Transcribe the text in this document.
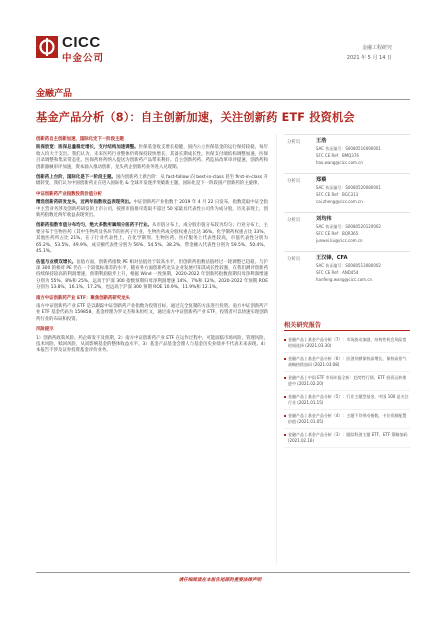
CICC
中金公司
金融工程研究
2021 年 5 月 14 日
金融产品
基金产品分析（8）：自主创新加速，关注创新药 ETF 投资机会

创新药自主创新加速，国际化定下一阶段主题

医保放宽：医保总量稳定增长，支付结构加速调整。医保基金收支增长稳健，国内公立医保基金的运行保持较稳，每年收入均大于支出。我们认为，未来医药行业整体仍将保持较快增长，其备长期成长性。医保支付端结构调整加速，医保目录调整和集采常态化，医保药将药纳入提送为创新药产品带来利好。自主创新药药、药监局改革审评提速，创新药和创新器械审评加速，资本涌入推动创新，龙头药企创新药业务进入兑现期。

创新药上台阶，国际化是下一阶段主题。国内创新药上新台阶：从 fast-follow 向 best-in-class 甚至 first-in-class 升级转变，我们认为中国创新药正在进入国际化 & 全球开发逐步突破新主题，国际化是下一阶段国产创新药的主旋律。

中证创新药产业指数投资价值分析

精选创新药研发龙头，近两年指数收益表现突出。中证创新药产业指数于 2019 年 4 月 22 日发布，指数选取中证全指中主营业务涉及创新药研发的上市公司，按照市值排序选取不超过 50 家最具代表性公司作为成分股，历史表现上，创新药指数近两年收益表现突出。

创新药指数市值分布均匀，绝大多数所属细分医药子行业。从市值分布上，成分股市值分布较为均匀；行业分布上，主要分布于生物医药（其中生物药及各环节的医药子行业，生物医药成分股权重占比达 36%。化学制药权重占比 33%，其他医药所占比 21%。在子行业代表性上，在化学制剂、生物医药、医疗服务上代表性较高，市值代表性分别为 65.2%、53.5%、49.9%，成交额代表性分别为 56%、54.5%、38.2%，带金额入代表性分别为 59.5%、50.4%、45.1%。

估值与业绩双增长。估值方面，创新药指数 PE 相对估值处于较高水平，但创新药指数估值经过一轮调整已趋稳，与沪深 300 的相对 PE 仍在一个较低标准差的水平，随业务方面创新药龙头企业发展可知其成长性较强，在我们测评创新药持续保持较高的利润增速，预期利润稳步上升，根据 Wind 一致预期，2020-2022 年创新药指数预期归母净利润增速分别为 55%、8%和 25%，远高于沪深 300 指数预期归母净利润增速 14%、7%和 12%。2020-2022 年预期 ROE 分别为 13.8%、16.1%、17.2%，也远高于沪深 300 预期 ROE 10.9%、11.9%和 12.1%。

南方中证创新药产业 ETF：聚焦创新药研究龙头

南方中证创新药产业 ETF 是以跟踪中证创新药产业指数为投资目标，通过完全复制的方法进行投资。南方中证创新药产业 ETF 基金代码为 159858，基金经理为罗文杰和朱恒红文，通过南方中证创新药产业 ETF，投资者可以快速实现创新药行业的布局和投资。

风险提示

1）创新药政策风险、药企研发不及预期，2）南方中证创新药产业 ETF 在运作过程中，可能面临市场风险、管理风险、技术风险、赎回风险，从而影响基金的整体收益水平。3）基金产品基金会理人与基金历史业绩并不代表未来表现。4）本报告不涉及证券投资基金评价业务。

分析员	王浩
SAC 执证编号：S0080516090001
SFC CE Ref：BMQ376
hao.wang@cicc.com.cn
分析员	郑蔡
SAC 执证编号：S0080520080001
SFC CE Ref：BGC313
cai.zheng@cicc.com.cn
分析员	刘均伟
SAC 执证编号：S0080520120002
SFC CE Ref：BQR365
junwei.liu@cicc.com.cn
分析员	王汉锋，CFA
SAC 执证编号：S0080513080002
SFC CE Ref：AND454
hanfeng.wang@cicc.com.cn
相关研究报告
金融产品 | 基金产品分析（7）：市场波动加剧，结构性机会风险宽时间选择 (2021.03.30)
金融产品 | 基金产品分析（6）：医创份额保持高增长，保持高景气战略持续加码 (2021.03.08)
金融产品 | 中国 ETF 市场年报全析：趋势性行情，ETF 投资运转推进中 (2021.02.20)
金融产品 | 基金产品分析（5）：行业主题型基金，中国 100 是关注行业 (2021.01.15)
金融产品 | 基金产品分析（4）：主题不均带动指数，卡位资源配置价值 (2021.01.05)
金融产品 | 基金产品分析（3）：跟踪科创主题 ETF，ETF 策略加码 (2021.02.16)
请仔细阅读在本报告尾部的重要法律声明
